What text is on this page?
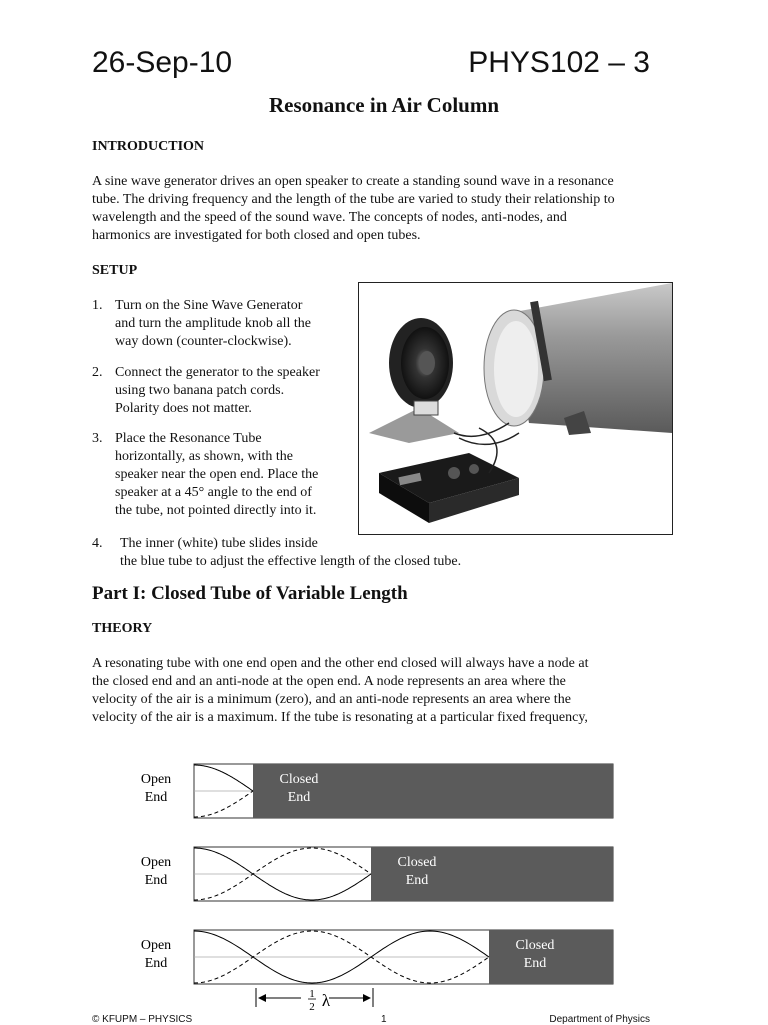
26-Sep-10	PHYS102 – 3
Resonance in Air Column
INTRODUCTION
A sine wave generator drives an open speaker to create a standing sound wave in a resonance
tube. The driving frequency and the length of the tube are varied to study their relationship to
wavelength and the speed of the sound wave. The concepts of nodes, anti-nodes, and
harmonics are investigated for both closed and open tubes.
SETUP
1. Turn on the Sine Wave Generator
and turn the amplitude knob all the
way down (counter-clockwise).
2. Connect the generator to the speaker
using two banana patch cords.
Polarity does not matter.
3. Place the Resonance Tube
horizontally, as shown, with the
speaker near the open end. Place the
speaker at a 45° angle to the end of
the tube, not pointed directly into it.
4. The inner (white) tube slides inside
the blue tube to adjust the effective length of the closed tube.
Part I: Closed Tube of Variable Length
THEORY
A resonating tube with one end open and the other end closed will always have a node at
the closed end and an anti-node at the open end. A node represents an area where the
velocity of the air is a minimum (zero), and an anti-node represents an area where the
velocity of the air is a maximum. If the tube is resonating at a particular fixed frequency,
Open
End
Closed
End
Open
End
Closed
End
Open
End
Closed
End
1
2 λ
© KFUPM – PHYSICS	1	Department of Physics
